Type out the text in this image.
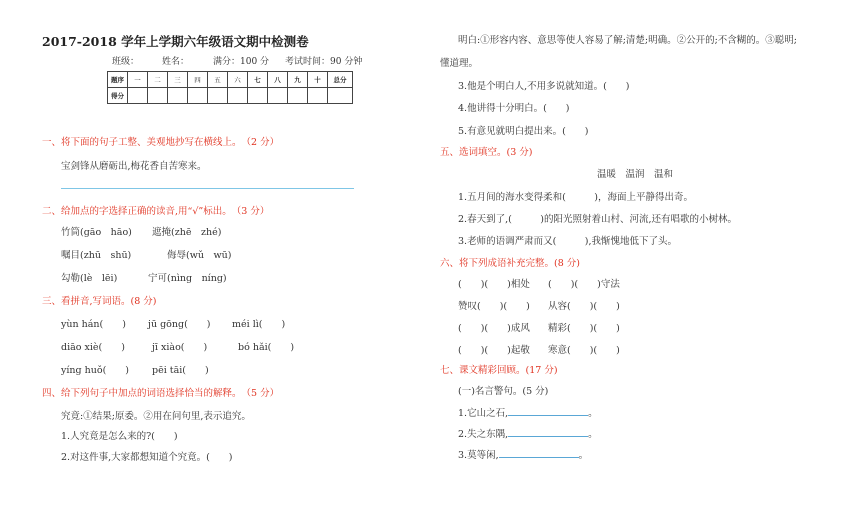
2017-2018 学年上学期六年级语文期中检测卷
班级：	姓名：	满分：100 分 考试时间：90 分钟
题序	一	二	三	四	五	六	七	八	九	十	总分
得分											
一、将下面的句子工整、美观地抄写在横线上。　（2 分）
宝剑锋从磨砺出,梅花香自苦寒来。
二、给加点的字选择正确的读音,用“√”标出。　（3 分）
竹筒(gāo　hāo) 遮掩(zhē　zhé)
嘱目(zhū　shū)	侮辱(wǔ　wū)
勾勒(lè　lēi)	宁可(nìng　níng)
三、看拼音,写词语。(8 分)
yùn hán(　　) jū gōng(　　) méi lì(　　)
diāo xiè(　　)	jī xiào(　　)	bó hǎi(　　)
yíng huǒ(　　) pēi tāi(　　)
四、给下列句子中加点的词语选择恰当的解释。　（5 分）
究竟:①结果;原委。②用在问句里,表示追究。
1.人究竟是怎么来的?(　　)
2.对这件事,大家都想知道个究竟。(　　)
明白:①形容内容、意思等使人容易了解;清楚;明确。②公开的;不含糊的。③聪明;
懂道理。
3.他是个明白人,不用多说就知道。(　　)
4.他讲得十分明白。(　　)
5.有意见就明白提出来。(　　)
五、选词填空。(3 分)
温暖　温润　温和
1.五月间的海水变得柔和(　　　)，海面上平静得出奇。
2.春天到了,(　　　)的阳光照射着山村、河流,还有唱歌的小树林。
3.老师的语调严肃而又(　　　),我惭愧地低下了头。
六、将下列成语补充完整。(8 分)
(　　)(　　)相处 (　　)(　　)守法
赞叹(　　)(　　) 从容(　　)(　　)
(　　)(　　)成风 精彩(　　)(　　)
(　　)(　　)起敬 寒意(　　)(　　)
七、课文精彩回顾。(17 分)
(一)名言警句。(5 分)
1.它山之石,	。
2.失之东隅,	。
3.莫等闲,	。
